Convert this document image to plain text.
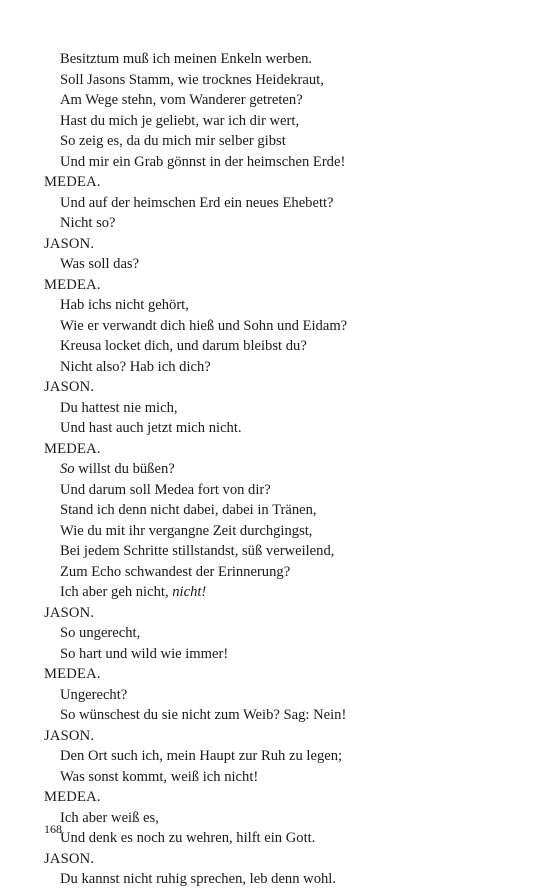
Besitztum muß ich meinen Enkeln werben.
Soll Jasons Stamm, wie trocknes Heidekraut,
Am Wege stehn, vom Wanderer getreten?
Hast du mich je geliebt, war ich dir wert,
So zeig es, da du mich mir selber gibst
Und mir ein Grab gönnst in der heimschen Erde!
MEDEA.
Und auf der heimschen Erd ein neues Ehebett?
Nicht so?
JASON.
Was soll das?
MEDEA.
Hab ichs nicht gehört,
Wie er verwandt dich hieß und Sohn und Eidam?
Kreusa locket dich, und darum bleibst du?
Nicht also? Hab ich dich?
JASON.
Du hattest nie mich,
Und hast auch jetzt mich nicht.
MEDEA.
So willst du büßen?
Und darum soll Medea fort von dir?
Stand ich denn nicht dabei, dabei in Tränen,
Wie du mit ihr vergangne Zeit durchgingst,
Bei jedem Schritte stillstandst, süß verweilend,
Zum Echo schwandest der Erinnerung?
Ich aber geh nicht, nicht!
JASON.
So ungerecht,
So hart und wild wie immer!
MEDEA.
Ungerecht?
So wünschest du sie nicht zum Weib? Sag: Nein!
JASON.
Den Ort such ich, mein Haupt zur Ruh zu legen;
Was sonst kommt, weiß ich nicht!
MEDEA.
Ich aber weiß es,
Und denk es noch zu wehren, hilft ein Gott.
JASON.
Du kannst nicht ruhig sprechen, leb denn wohl.
168
